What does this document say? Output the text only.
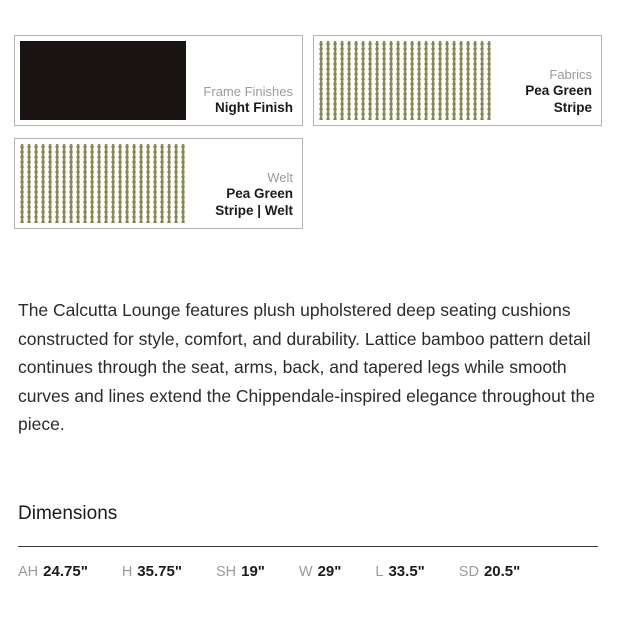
Frame Finishes
Night Finish
Fabrics
Pea Green Stripe
Welt
Pea Green Stripe | Welt

The Calcutta Lounge features plush upholstered deep seating cushions constructed for style, comfort, and durability. Lattice bamboo pattern detail continues through the seat, arms, back, and tapered legs while smooth curves and lines extend the Chippendale-inspired elegance throughout the piece.

Dimensions
AH 24.75" H 35.75" SH 19" W 29" L 33.5" SD 20.5"
